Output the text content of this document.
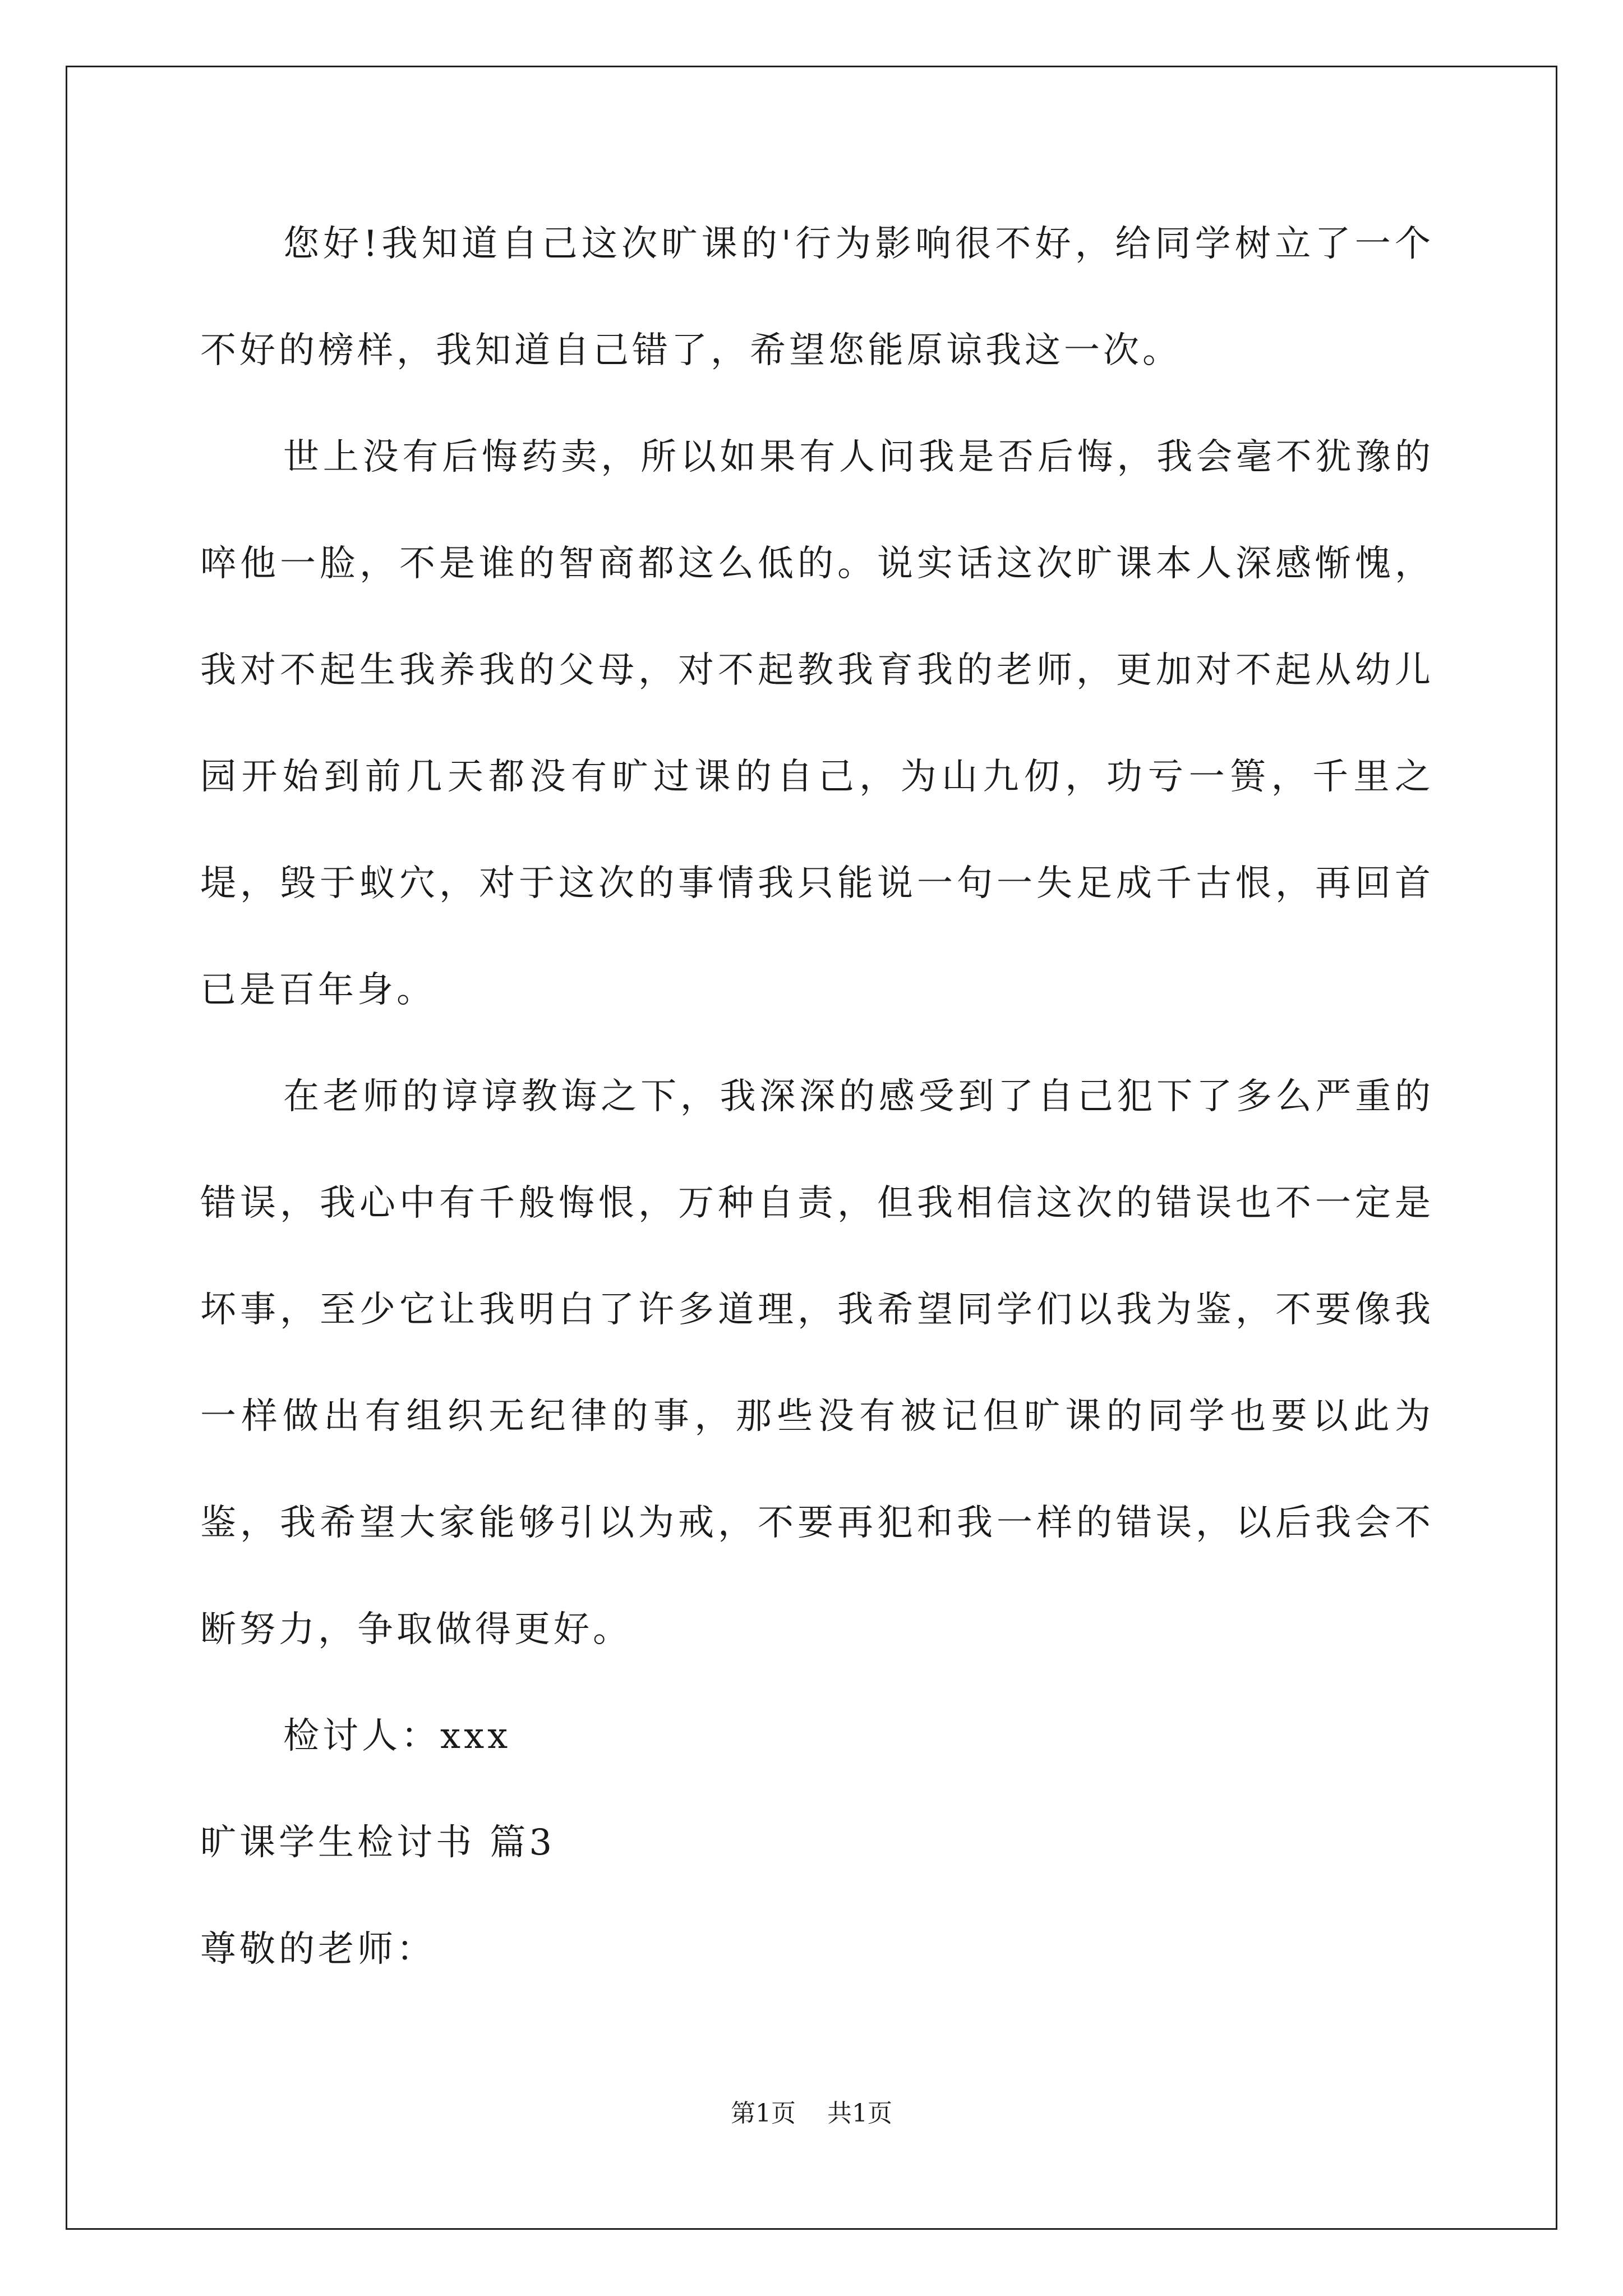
您好!我知道自己这次旷课的'行为影响很不好，给同学树立了一个不好的榜样，我知道自己错了，希望您能原谅我这一次。

世上没有后悔药卖，所以如果有人问我是否后悔，我会毫不犹豫的啐他一脸，不是谁的智商都这么低的。说实话这次旷课本人深感惭愧，我对不起生我养我的父母，对不起教我育我的老师，更加对不起从幼儿园开始到前几天都没有旷过课的自己，为山九仞，功亏一篑，千里之堤，毁于蚁穴，对于这次的事情我只能说一句一失足成千古恨，再回首已是百年身。

在老师的谆谆教诲之下，我深深的感受到了自己犯下了多么严重的错误，我心中有千般悔恨，万种自责，但我相信这次的错误也不一定是坏事，至少它让我明白了许多道理，我希望同学们以我为鉴，不要像我一样做出有组织无纪律的事，那些没有被记但旷课的同学也要以此为鉴，我希望大家能够引以为戒，不要再犯和我一样的错误，以后我会不断努力，争取做得更好。

检讨人：xxx

旷课学生检讨书 篇3

尊敬的老师：

第1页 共1页
